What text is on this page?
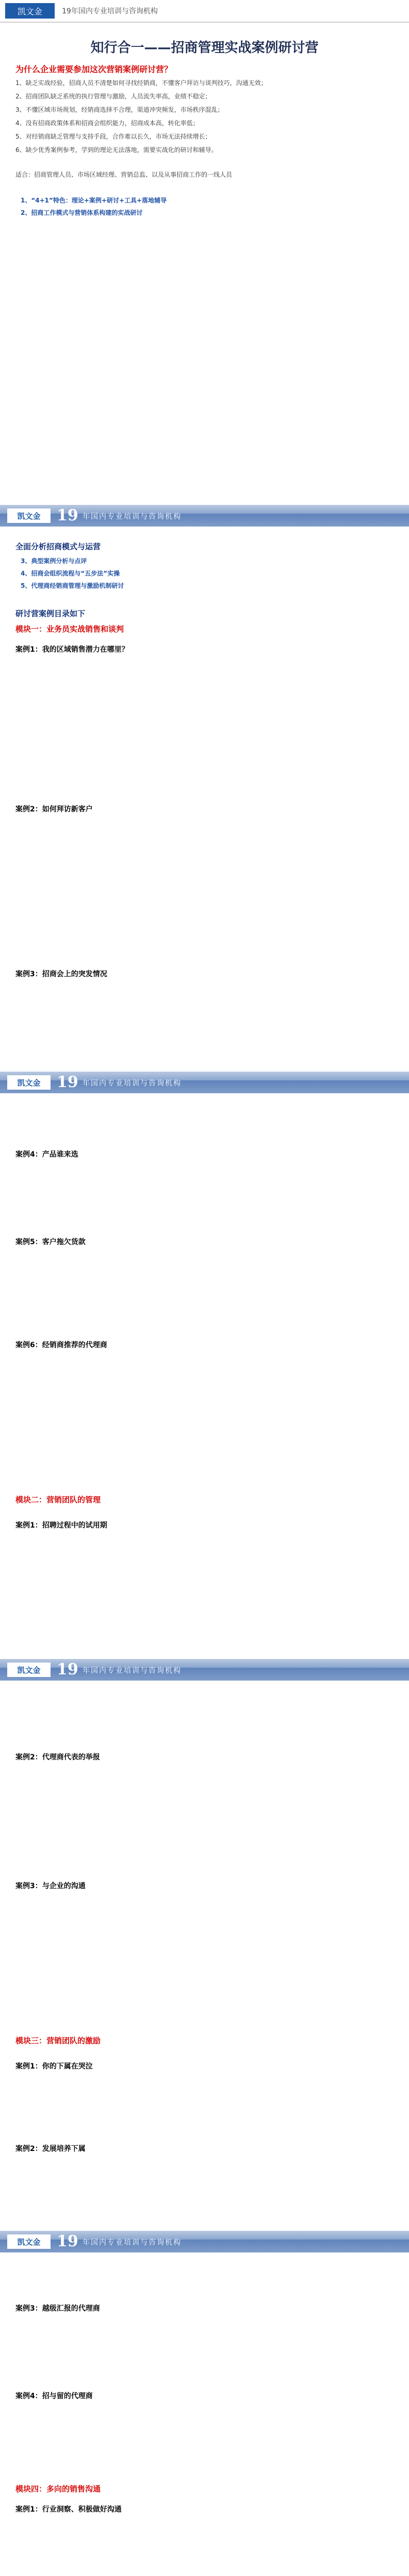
凯文金	19年国内专业培训与咨询机构
知行合一——招商管理实战案例研讨营
为什么企业需要参加这次营销案例研讨营？
1、缺乏实战经验，招商人员不清楚如何寻找经销商，不懂客户拜访与谈判技巧，沟通无效；
2、招商团队缺乏系统的执行管理与激励，人员流失率高，业绩不稳定；
3、不懂区域市场规划，经销商选择不合理，渠道冲突频发，市场秩序混乱；
4、没有招商政策体系和招商会组织能力，招商成本高，转化率低；
5、对经销商缺乏管理与支持手段，合作难以长久，市场无法持续增长；
6、缺少优秀案例参考，学到的理论无法落地，需要实战化的研讨和辅导。
适合：招商管理人员、市场区域经理、营销总监、以及从事招商工作的一线人员
1、“4+1”特色：理论+案例+研讨+工具+落地辅导
2、招商工作模式与营销体系构建的实战研讨
凯文金	19 年国内专业培训与咨询机构
全面分析招商模式与运营
3、典型案例分析与点评
4、招商会组织流程与“五步法”实操
5、代理商经销商管理与激励机制研讨
研讨营案例目录如下
模块一：业务员实战销售和谈判
案例1：我的区域销售潜力在哪里？
案例2：如何拜访新客户
案例3：招商会上的突发情况
凯文金	19 年国内专业培训与咨询机构
案例4：产品谁来选
案例5：客户拖欠货款
案例6：经销商推荐的代理商
模块二：营销团队的管理
案例1：招聘过程中的试用期
凯文金	19 年国内专业培训与咨询机构
案例2：代理商代表的举报
案例3：与企业的沟通
模块三：营销团队的激励
案例1：你的下属在哭泣
案例2：发展培养下属
凯文金	19 年国内专业培训与咨询机构
案例3：越级汇报的代理商
案例4：招与留的代理商
模块四：多向的销售沟通
案例1：行业洞察、积极做好沟通
